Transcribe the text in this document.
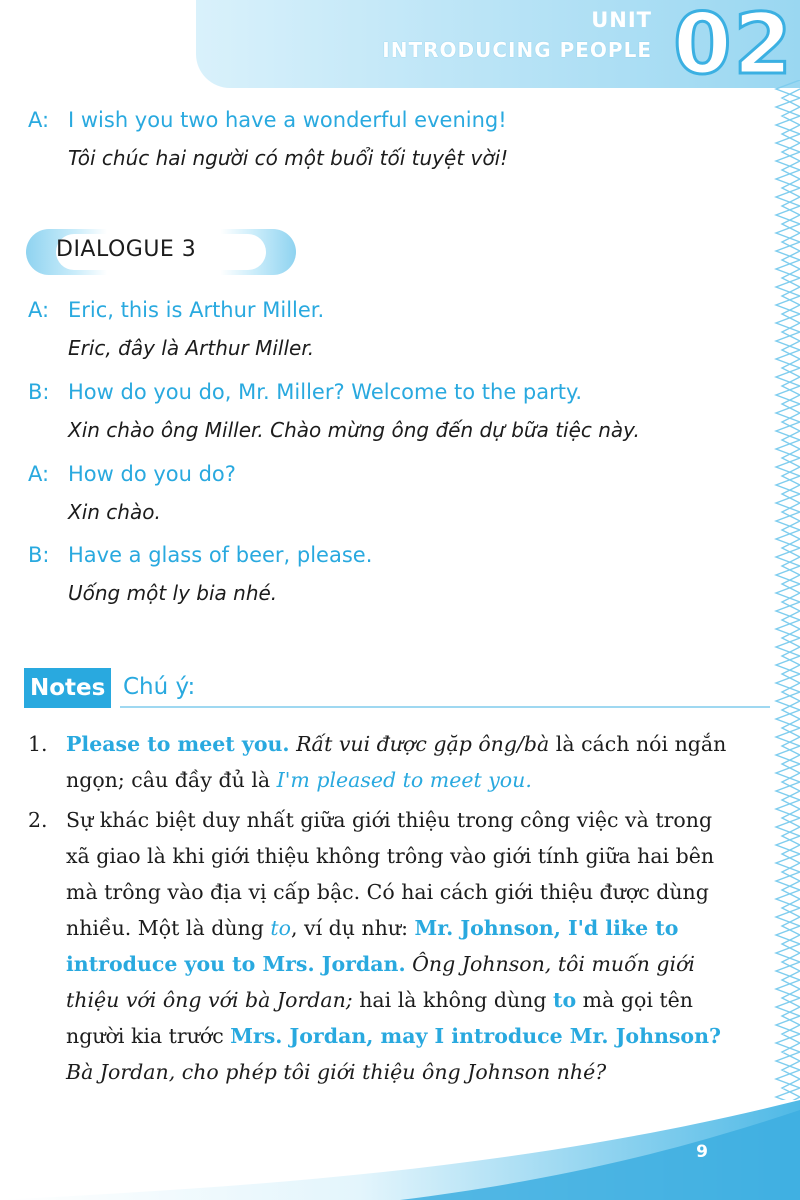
UNIT
INTRODUCING PEOPLE 02
9
A: I wish you two have a wonderful evening!
Tôi chúc hai người có một buổi tối tuyệt vời!
DIALOGUE 3
A: Eric, this is Arthur Miller.
Eric, đây là Arthur Miller.
B: How do you do, Mr. Miller? Welcome to the party.
Xin chào ông Miller. Chào mừng ông đến dự bữa tiệc này.
A: How do you do?
Xin chào.
B: Have a glass of beer, please.
Uống một ly bia nhé.
Notes Chú ý:
1. Please to meet you. Rất vui được gặp ông/bà là cách nói ngắn ngọn; câu đầy đủ là I'm pleased to meet you.
2. Sự khác biệt duy nhất giữa giới thiệu trong công việc và trong xã giao là khi giới thiệu không trông vào giới tính giữa hai bên mà trông vào địa vị cấp bậc. Có hai cách giới thiệu được dùng nhiều. Một là dùng to, ví dụ như: Mr. Johnson, I'd like to introduce you to Mrs. Jordan. Ông Johnson, tôi muốn giới thiệu với ông với bà Jordan; hai là không dùng to mà gọi tên người kia trước Mrs. Jordan, may I introduce Mr. Johnson? Bà Jordan, cho phép tôi giới thiệu ông Johnson nhé?
